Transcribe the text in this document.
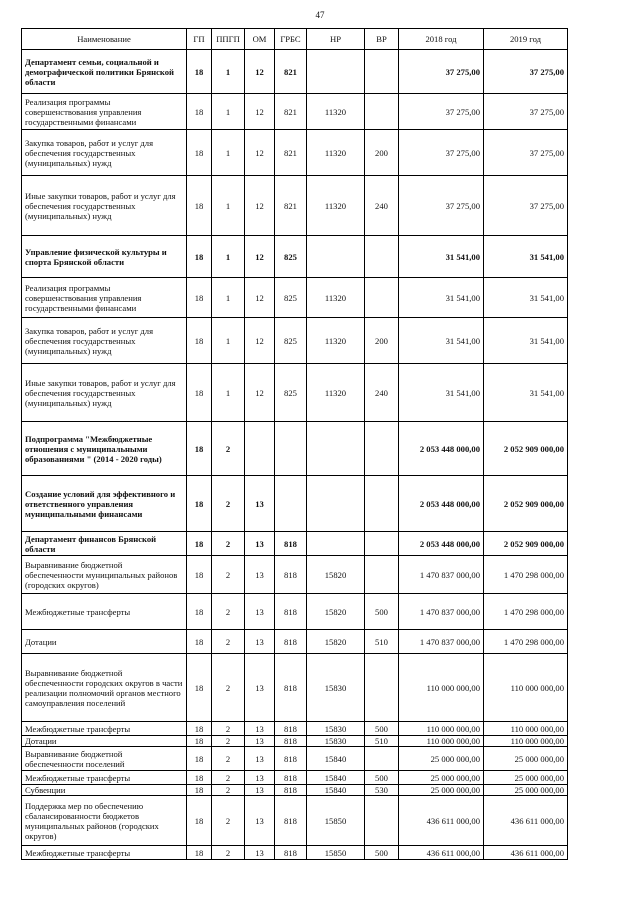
47
Наименование	ГП	ППГП	ОМ	ГРБС	НР	ВР	2018 год	2019 год
Департамент семьи, социальной и демографической политики Брянской области	18	1	12	821			37 275,00	37 275,00
Реализация программы совершенствования управления государственными финансами	18	1	12	821	11320		37 275,00	37 275,00
Закупка товаров, работ и услуг для обеспечения государственных (муниципальных) нужд	18	1	12	821	11320	200	37 275,00	37 275,00
Иные закупки товаров, работ и услуг для обеспечения государственных (муниципальных) нужд	18	1	12	821	11320	240	37 275,00	37 275,00
Управление физической культуры и спорта Брянской области	18	1	12	825			31 541,00	31 541,00
Реализация программы совершенствования управления государственными финансами	18	1	12	825	11320		31 541,00	31 541,00
Закупка товаров, работ и услуг для обеспечения государственных (муниципальных) нужд	18	1	12	825	11320	200	31 541,00	31 541,00
Иные закупки товаров, работ и услуг для обеспечения государственных (муниципальных) нужд	18	1	12	825	11320	240	31 541,00	31 541,00
Подпрограмма "Межбюджетные отношения с муниципальными образованиями " (2014 - 2020 годы)	18	2					2 053 448 000,00	2 052 909 000,00
Создание условий для эффективного и ответственного управления муниципальными финансами	18	2	13				2 053 448 000,00	2 052 909 000,00
Департамент финансов Брянской области	18	2	13	818			2 053 448 000,00	2 052 909 000,00
Выравнивание бюджетной обеспеченности муниципальных районов (городских округов)	18	2	13	818	15820		1 470 837 000,00	1 470 298 000,00
Межбюджетные трансферты	18	2	13	818	15820	500	1 470 837 000,00	1 470 298 000,00
Дотации	18	2	13	818	15820	510	1 470 837 000,00	1 470 298 000,00
Выравнивание бюджетной обеспеченности городских округов в части реализации полномочий органов местного самоуправления поселений	18	2	13	818	15830		110 000 000,00	110 000 000,00
Межбюджетные трансферты	18	2	13	818	15830	500	110 000 000,00	110 000 000,00
Дотации	18	2	13	818	15830	510	110 000 000,00	110 000 000,00
Выравнивание бюджетной обеспеченности поселений	18	2	13	818	15840		25 000 000,00	25 000 000,00
Межбюджетные трансферты	18	2	13	818	15840	500	25 000 000,00	25 000 000,00
Субвенции	18	2	13	818	15840	530	25 000 000,00	25 000 000,00
Поддержка мер по обеспечению сбалансированности бюджетов муниципальных районов (городских округов)	18	2	13	818	15850		436 611 000,00	436 611 000,00
Межбюджетные трансферты	18	2	13	818	15850	500	436 611 000,00	436 611 000,00
